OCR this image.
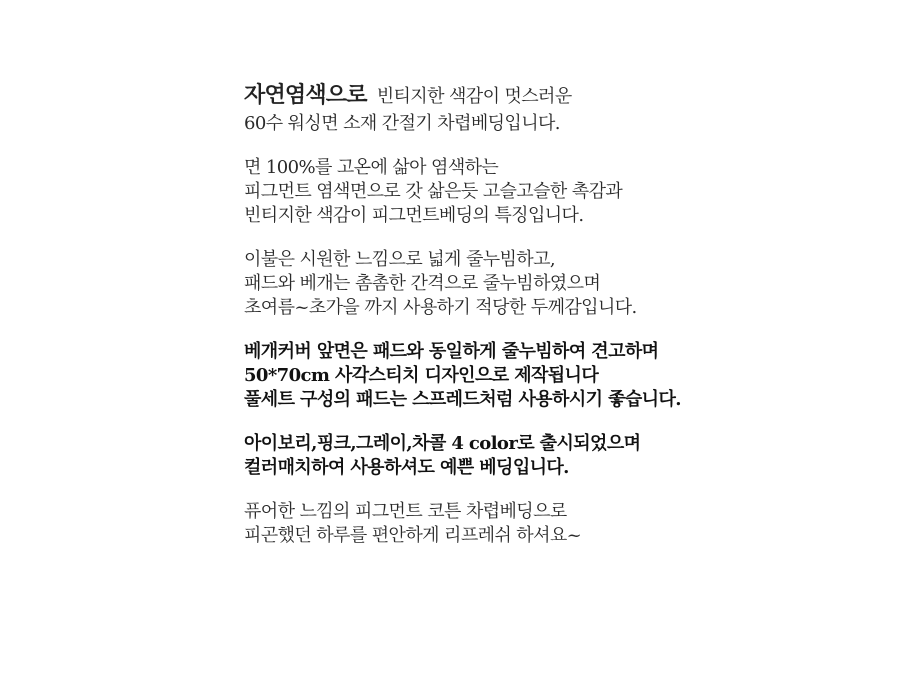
자연염색으로 빈티지한 색감이 멋스러운
60수 워싱면 소재 간절기 차렵베딩입니다.
면 100%를 고온에 삶아 염색하는
피그먼트 염색면으로 갓 삶은듯 고슬고슬한 촉감과
빈티지한 색감이 피그먼트베딩의 특징입니다.
이불은 시원한 느낌으로 넓게 줄누빔하고,
패드와 베개는 촘촘한 간격으로 줄누빔하였으며
초여름~초가을 까지 사용하기 적당한 두께감입니다.
베개커버 앞면은 패드와 동일하게 줄누빔하여 견고하며
50*70cm 사각스티치 디자인으로 제작됩니다
풀세트 구성의 패드는 스프레드처럼 사용하시기 좋습니다.
아이보리,핑크,그레이,차콜 4 color로 출시되었으며
컬러매치하여 사용하셔도 예쁜 베딩입니다.
퓨어한 느낌의 피그먼트 코튼 차렵베딩으로
피곤했던 하루를 편안하게 리프레쉬 하셔요~
